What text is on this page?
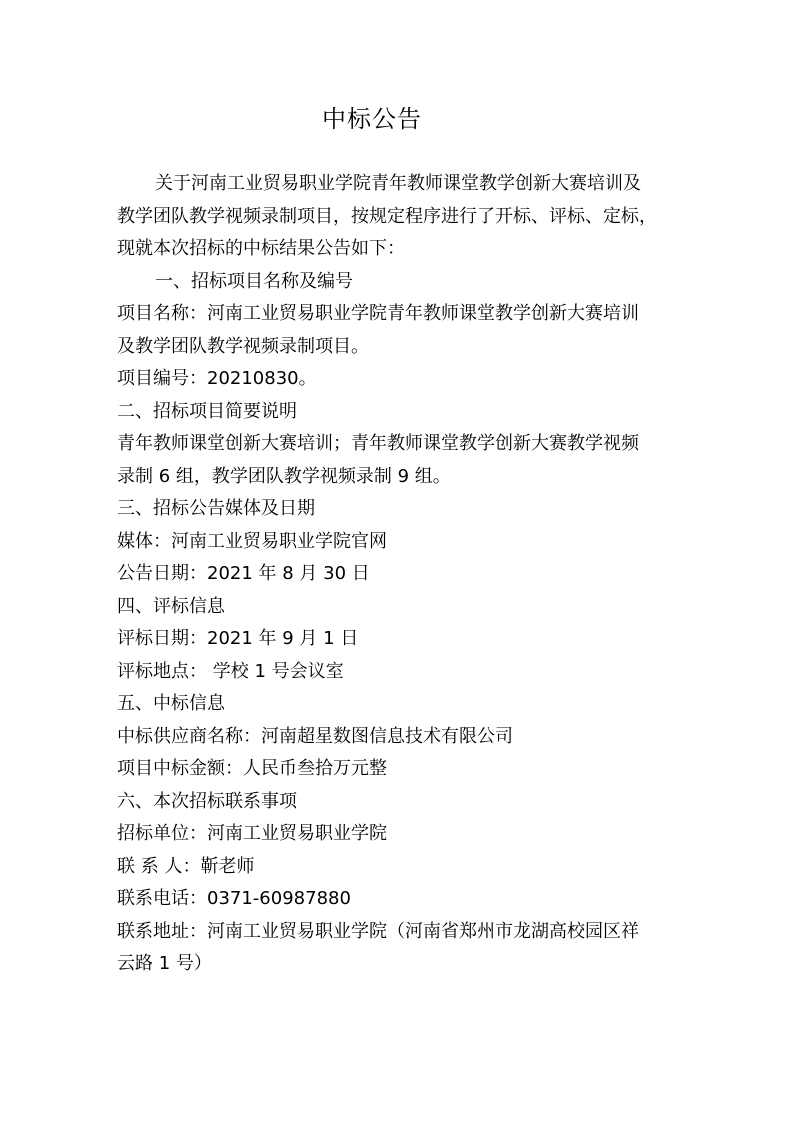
中标公告

关于河南工业贸易职业学院青年教师课堂教学创新大赛培训及

教学团队教学视频录制项目，按规定程序进行了开标、评标、定标，

现就本次招标的中标结果公告如下：

一、招标项目名称及编号

项目名称：河南工业贸易职业学院青年教师课堂教学创新大赛培训

及教学团队教学视频录制项目。

项目编号：20210830。

二、招标项目简要说明

青年教师课堂创新大赛培训；青年教师课堂教学创新大赛教学视频

录制 6 组，教学团队教学视频录制 9 组。

三、招标公告媒体及日期

媒体：河南工业贸易职业学院官网

公告日期：2021 年 8 月 30 日

四、评标信息

评标日期：2021 年 9 月 1 日

评标地点： 学校 1 号会议室

五、中标信息

中标供应商名称：河南超星数图信息技术有限公司

项目中标金额：人民币叁拾万元整

六、本次招标联系事项

招标单位：河南工业贸易职业学院

联 系 人：靳老师

联系电话：0371-60987880

联系地址：河南工业贸易职业学院（河南省郑州市龙湖高校园区祥

云路 1 号）
